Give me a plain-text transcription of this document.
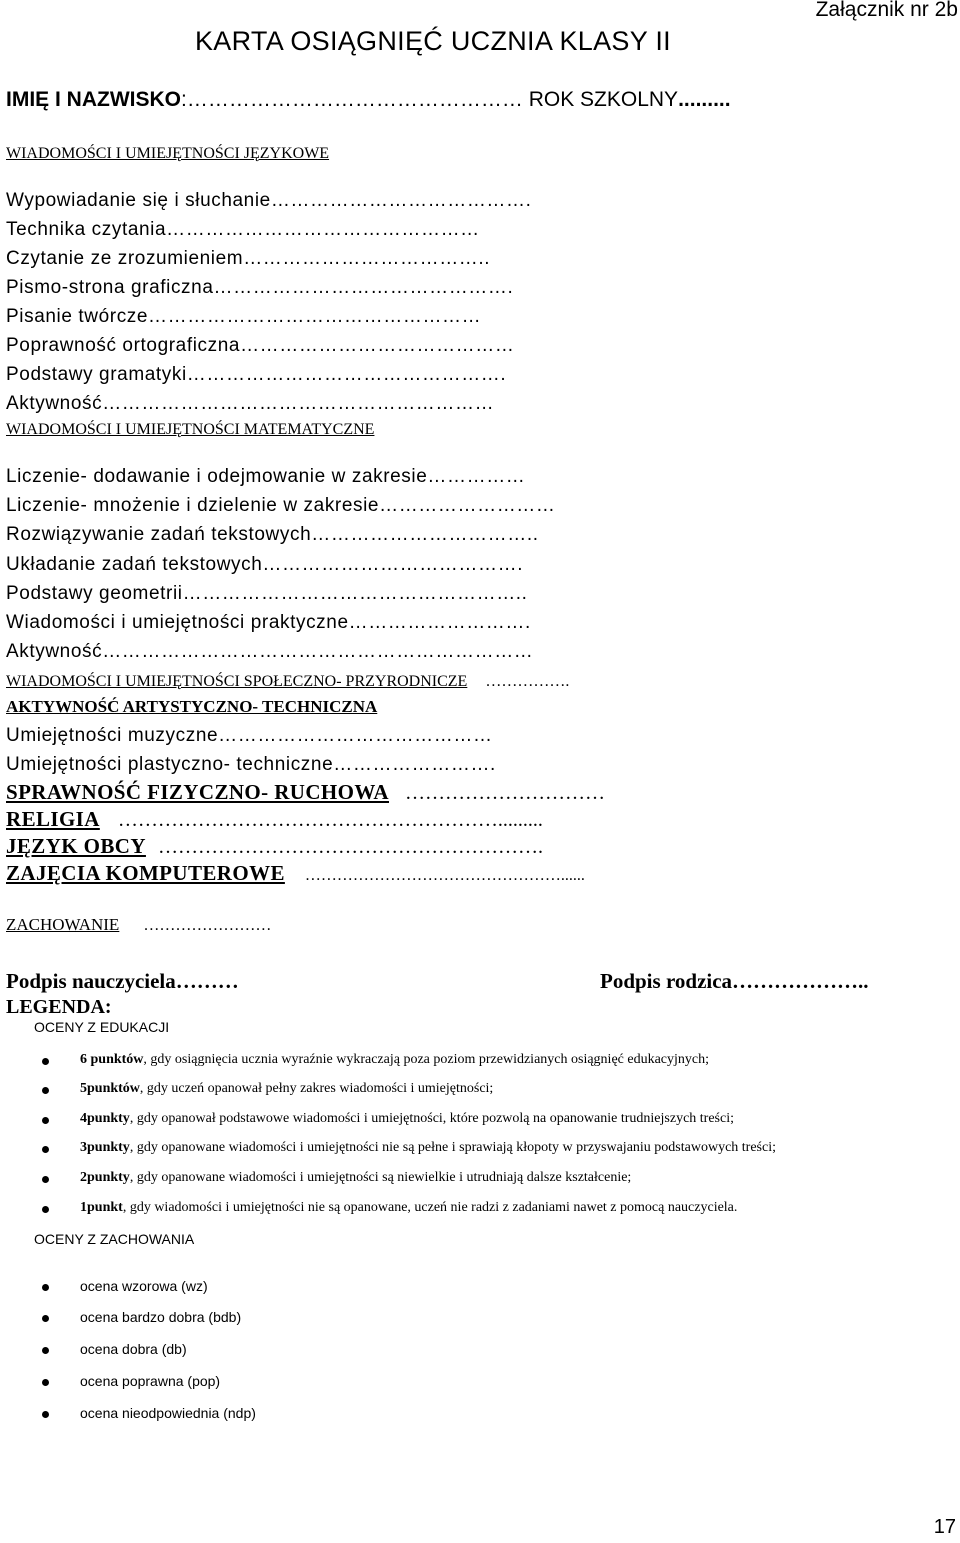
Załącznik nr 2b
KARTA OSIĄGNIĘĆ UCZNIA KLASY II
IMIĘ I NAZWISKO:………………………………………… ROK SZKOLNY.........
WIADOMOŚCI I UMIEJĘTNOŚCI JĘZYKOWE
Wypowiadanie się i słuchanie………………………………….
Technika czytania…………………………………………
Czytanie ze zrozumieniem………………………………..
Pismo-strona graficzna……………………………………….
Pisanie twórcze……………………………………………
Poprawność ortograficzna……………………………………
Podstawy gramatyki………………………………………….
Aktywność……………………………………………………
WIADOMOŚCI I UMIEJĘTNOŚCI MATEMATYCZNE
Liczenie- dodawanie i odejmowanie w zakresie……………
Liczenie- mnożenie i dzielenie w zakresie………………………
Rozwiązywanie zadań tekstowych……………………………..
Układanie zadań tekstowych………………………………….
Podstawy geometrii……………………………………………..
Wiadomości i umiejętności praktyczne……………………….
Aktywność…………………………………………………………
WIADOMOŚCI I UMIEJĘTNOŚCI SPOŁECZNO- PRZYRODNICZE …………….
AKTYWNOŚĆ ARTYSTYCZNO- TECHNICZNA
Umiejętności muzyczne……………………………………
Umiejętności plastyczno- techniczne…………………….
SPRAWNOŚĆ FIZYCZNO- RUCHOWA …………………………
RELIGIA ………………………………………………….........
JĘZYK OBCY ………………………………………………….
ZAJĘCIA KOMPUTEROWE …………………………………………......
ZACHOWANIE ……………………
Podpis nauczyciela………	Podpis rodzica………………..
LEGENDA:
OCENY Z EDUKACJI
6 punktów, gdy osiągnięcia ucznia wyraźnie wykraczają poza poziom przewidzianych osiągnięć edukacyjnych;
5punktów, gdy uczeń opanował pełny zakres wiadomości i umiejętności;
4punkty, gdy opanował podstawowe wiadomości i umiejętności, które pozwolą na opanowanie trudniejszych treści;
3punkty, gdy opanowane wiadomości i umiejętności nie są pełne i sprawiają kłopoty w przyswajaniu podstawowych treści;
2punkty, gdy opanowane wiadomości i umiejętności są niewielkie i utrudniają dalsze kształcenie;
1punkt, gdy wiadomości i umiejętności nie są opanowane, uczeń nie radzi z zadaniami nawet z pomocą nauczyciela.
OCENY Z ZACHOWANIA
ocena wzorowa (wz)
ocena bardzo dobra (bdb)
ocena dobra (db)
ocena poprawna (pop)
ocena nieodpowiednia (ndp)
17
